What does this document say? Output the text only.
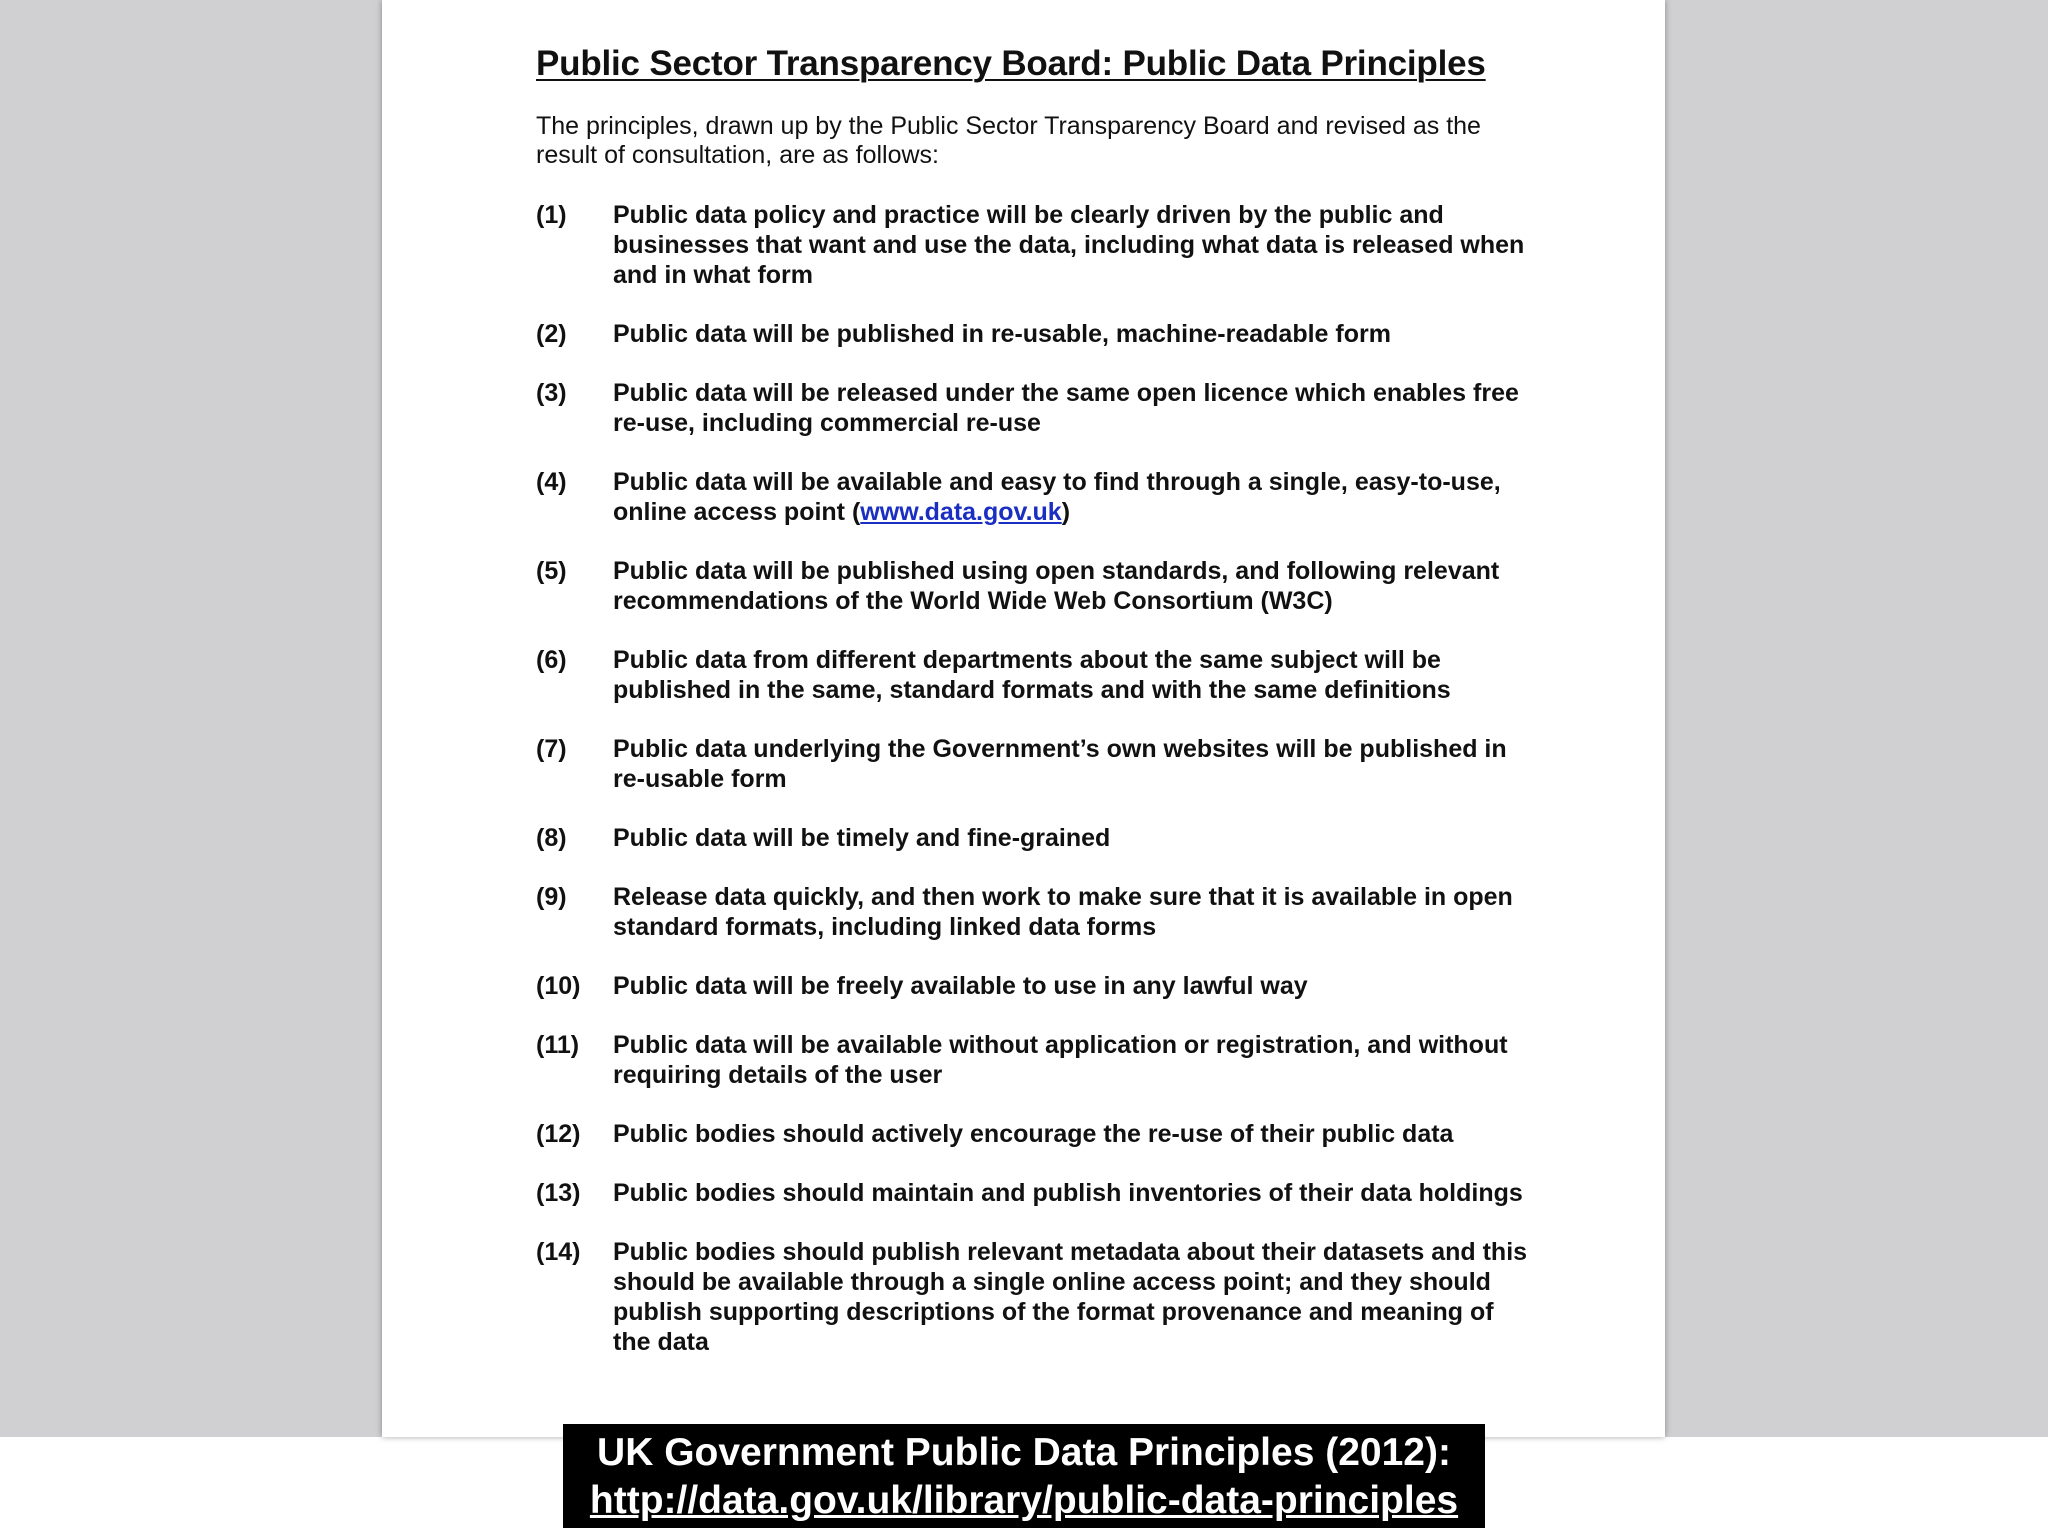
Public Sector Transparency Board: Public Data Principles

The principles, drawn up by the Public Sector Transparency Board and revised as the result of consultation, are as follows:

(1)	Public data policy and practice will be clearly driven by the public and businesses that want and use the data, including what data is released when and in what form
(2)	Public data will be published in re-usable, machine-readable form
(3)	Public data will be released under the same open licence which enables free re-use, including commercial re-use
(4)	Public data will be available and easy to find through a single, easy-to-use, online access point (www.data.gov.uk)
(5)	Public data will be published using open standards, and following relevant recommendations of the World Wide Web Consortium (W3C)
(6)	Public data from different departments about the same subject will be published in the same, standard formats and with the same definitions
(7)	Public data underlying the Government’s own websites will be published in re-usable form
(8)	Public data will be timely and fine-grained
(9)	Release data quickly, and then work to make sure that it is available in open standard formats, including linked data forms
(10)	Public data will be freely available to use in any lawful way
(11)	Public data will be available without application or registration, and without requiring details of the user
(12)	Public bodies should actively encourage the re-use of their public data
(13)	Public bodies should maintain and publish inventories of their data holdings
(14)	Public bodies should publish relevant metadata about their datasets and this should be available through a single online access point; and they should publish supporting descriptions of the format provenance and meaning of the data
UK Government Public Data Principles (2012):
http://data.gov.uk/library/public-data-principles
